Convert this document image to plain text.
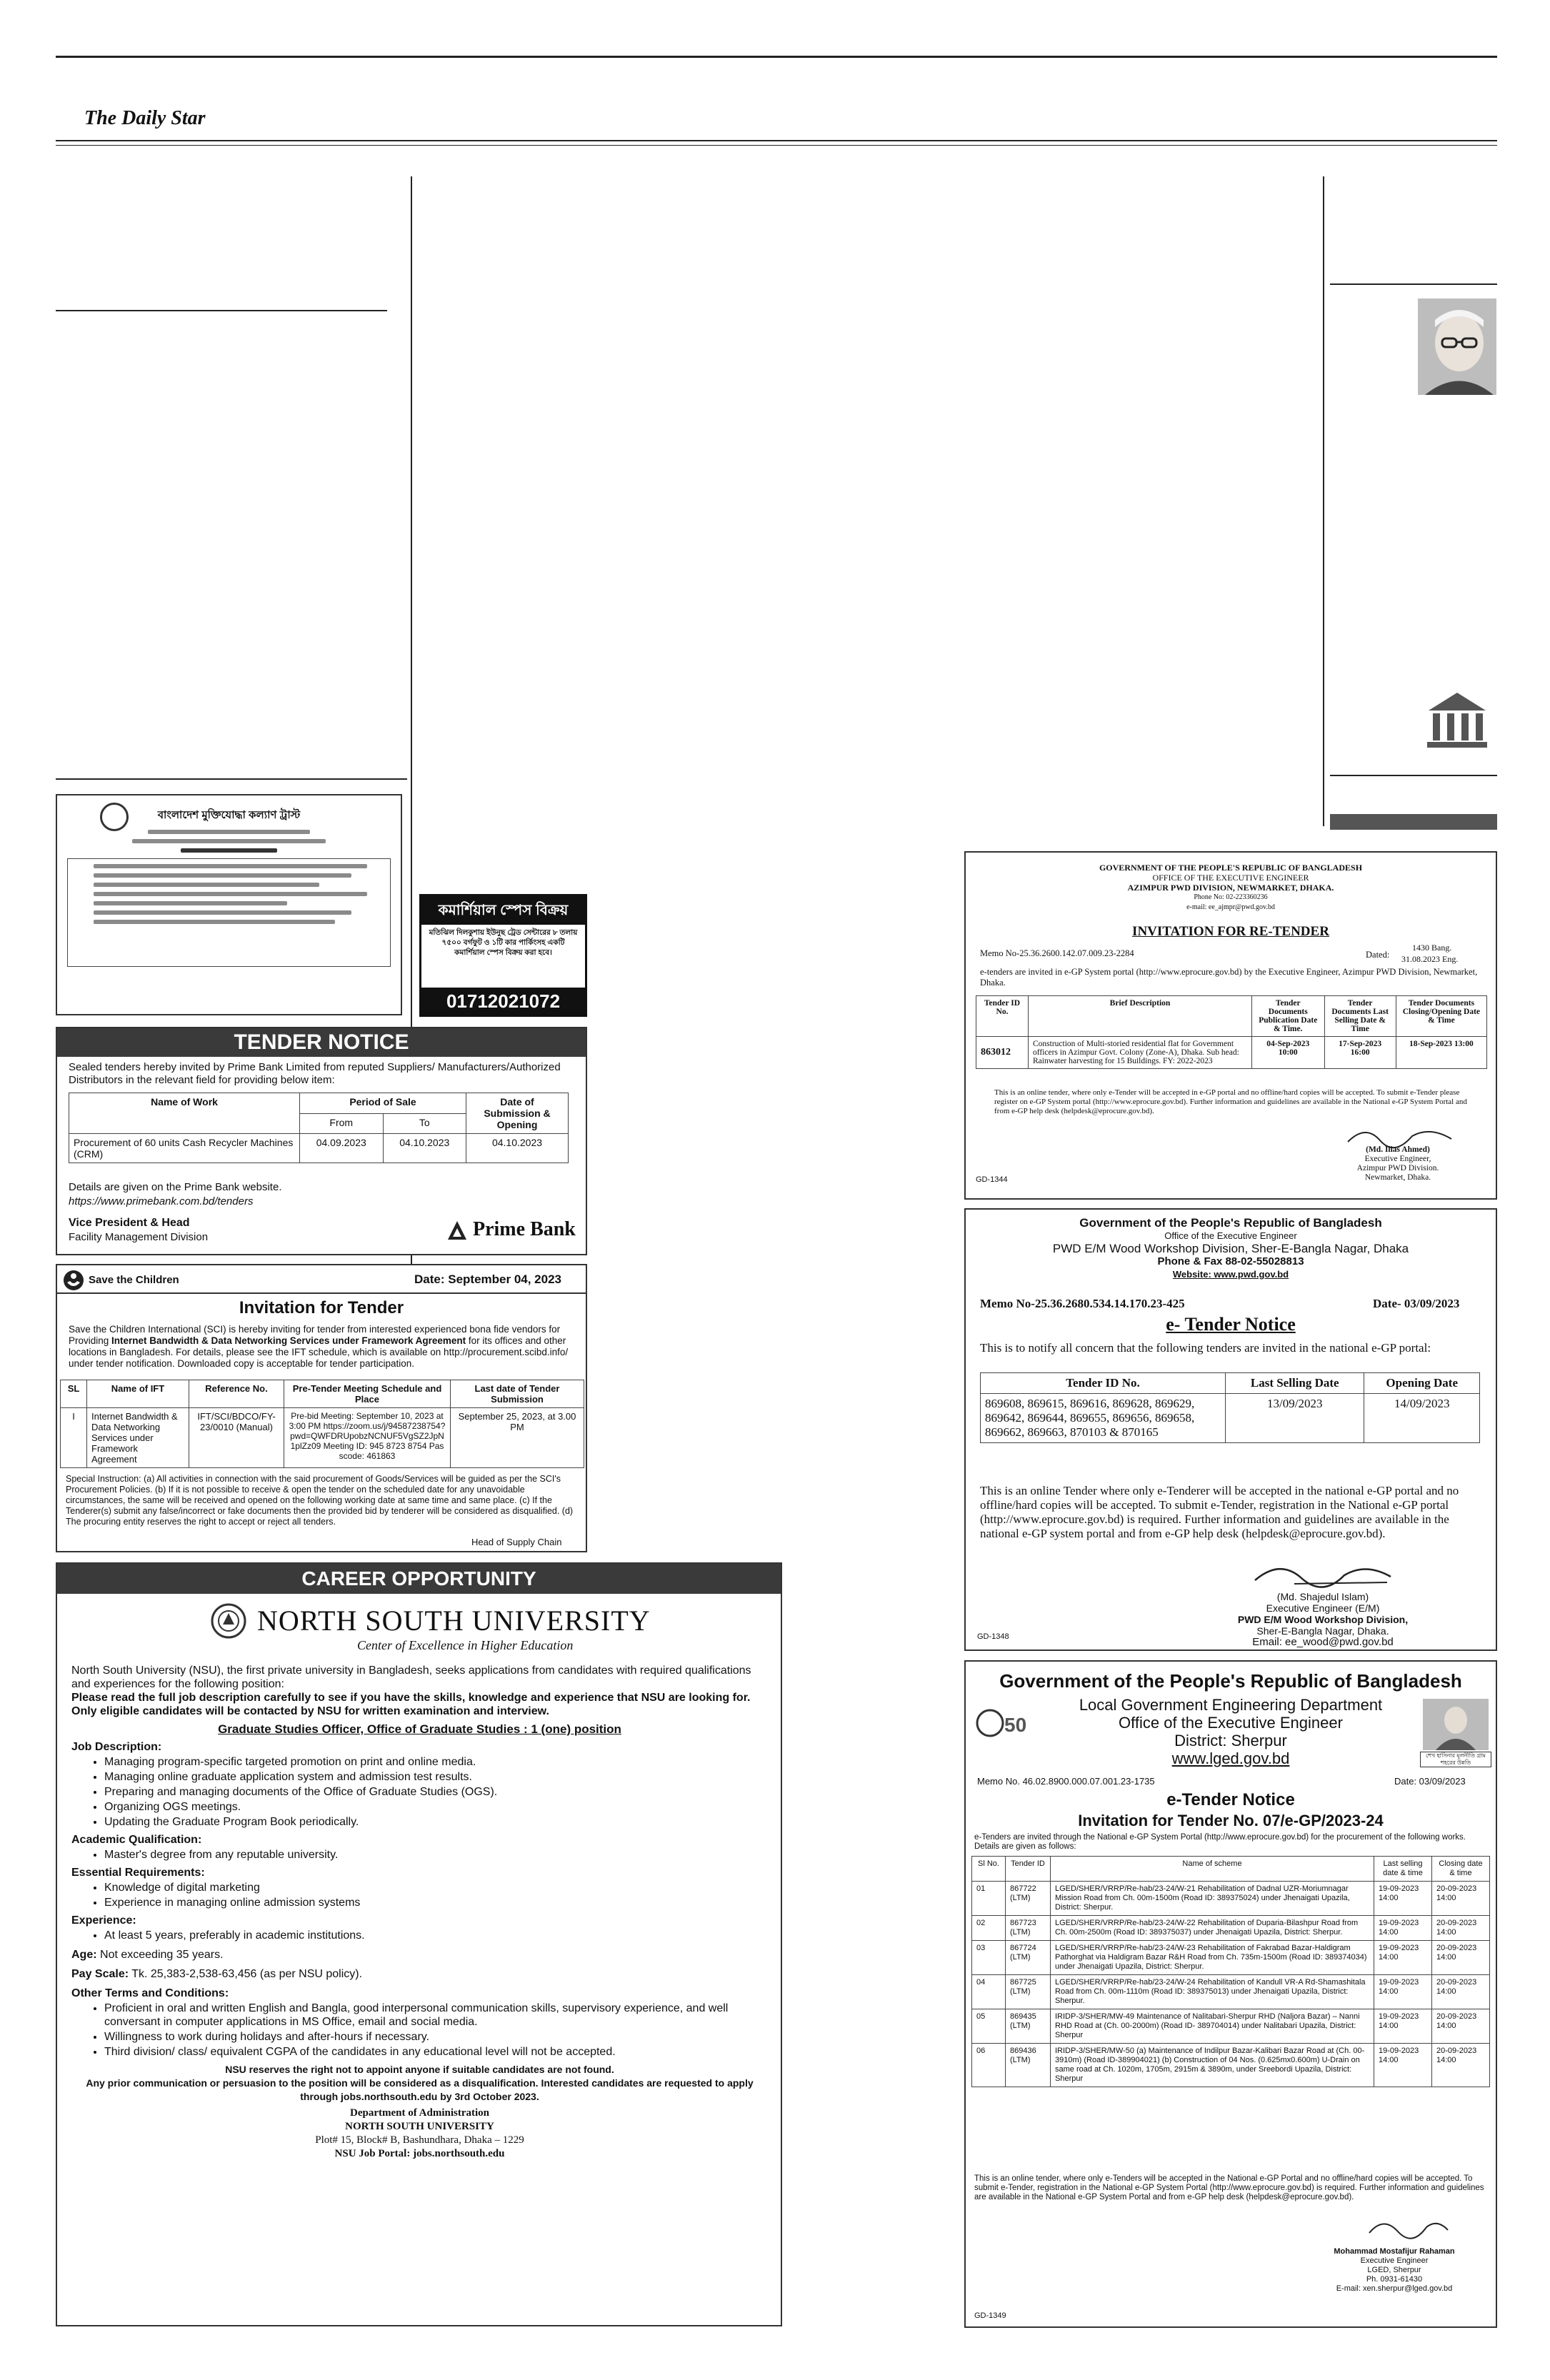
The Daily Star
বাংলাদেশ মুক্তিযোদ্ধা কল্যাণ ট্রাস্ট
কমার্শিয়াল স্পেস বিক্রয়
মতিঝিল দিলকুশায় ইউনুছ ট্রেড সেন্টারের ৮ তলায় ৭৫০০ বর্গফুট ও ১টি কার পার্কিংসহ একটি কমার্শিয়াল স্পেস বিক্রয় করা হবে।
01712021072
TENDER NOTICE
Sealed tenders hereby invited by Prime Bank Limited from reputed Suppliers/ Manufacturers/Authorized Distributors in the relevant field for providing below item:
Name of Work	Period of Sale		Date of Submission & Opening
	From	To	
Procurement of 60 units Cash Recycler Machines (CRM)	04.09.2023	04.10.2023	04.10.2023
Details are given on the Prime Bank website.
https://www.primebank.com.bd/tenders
Vice President & Head
Facility Management Division	Prime Bank
Save the Children	Date: September 04, 2023
Invitation for Tender
Save the Children International (SCI) is hereby inviting for tender from interested experienced bona fide vendors for Providing Internet Bandwidth & Data Networking Services under Framework Agreement for its offices and other locations in Bangladesh. For details, please see the IFT schedule, which is available on http://procurement.scibd.info/ under tender notification. Downloaded copy is acceptable for tender participation.
SL	Name of IFT	Reference No.	Pre-Tender Meeting Schedule and Place	Last date of Tender Submission
I	Internet Bandwidth & Data Networking Services under Framework Agreement	IFT/SCI/BDCO/FY-23/0010 (Manual)	Pre-bid Meeting: September 10, 2023 at 3:00 PM https://zoom.us/j/94587238754?pwd=QWFDRUpobzNCNUF5VgSZ2JpN1plZz09 Meeting ID: 945 8723 8754 Passcode: 461863	September 25, 2023, at 3.00 PM
Special Instruction: (a) All activities in connection with the said procurement of Goods/Services will be guided as per the SCI's Procurement Policies. (b) If it is not possible to receive & open the tender on the scheduled date for any unavoidable circumstances, the same will be received and opened on the following working date at same time and same place. (c) If the Tenderer(s) submit any false/incorrect or fake documents then the provided bid by tenderer will be considered as disqualified. (d) The procuring entity reserves the right to accept or reject all tenders.
Head of Supply Chain
CAREER OPPORTUNITY
NORTH SOUTH UNIVERSITY
Center of Excellence in Higher Education
North South University (NSU), the first private university in Bangladesh, seeks applications from candidates with required qualifications and experiences for the following position:
Please read the full job description carefully to see if you have the skills, knowledge and experience that NSU are looking for. Only eligible candidates will be contacted by NSU for written examination and interview.
Graduate Studies Officer, Office of Graduate Studies : 1 (one) position
Job Description:
• Managing program-specific targeted promotion on print and online media.
• Managing online graduate application system and admission test results.
• Preparing and managing documents of the Office of Graduate Studies (OGS).
• Organizing OGS meetings.
• Updating the Graduate Program Book periodically.
Academic Qualification:
• Master's degree from any reputable university.
Essential Requirements:
• Knowledge of digital marketing
• Experience in managing online admission systems
Experience:
• At least 5 years, preferably in academic institutions.
Age: Not exceeding 35 years.
Pay Scale: Tk. 25,383-2,538-63,456 (as per NSU policy).
Other Terms and Conditions:
• Proficient in oral and written English and Bangla, good interpersonal communication skills, supervisory experience, and well conversant in computer applications in MS Office, email and social media.
• Willingness to work during holidays and after-hours if necessary.
• Third division/ class/ equivalent CGPA of the candidates in any educational level will not be accepted.
NSU reserves the right not to appoint anyone if suitable candidates are not found.
Any prior communication or persuasion to the position will be considered as a disqualification. Interested candidates are requested to apply through jobs.northsouth.edu by 3rd October 2023.
Department of Administration
NORTH SOUTH UNIVERSITY
Plot# 15, Block# B, Bashundhara, Dhaka – 1229
NSU Job Portal: jobs.northsouth.edu
GOVERNMENT OF THE PEOPLE'S REPUBLIC OF BANGLADESH
OFFICE OF THE EXECUTIVE ENGINEER
AZIMPUR PWD DIVISION, NEWMARKET, DHAKA.
Phone No: 02-223360236
e-mail: ee_ajmpr@pwd.gov.bd
INVITATION FOR RE-TENDER
Memo No-25.36.2600.142.07.009.23-2284
1430 Bang.
Dated: 31.08.2023 Eng.
e-tenders are invited in e-GP System portal (http://www.eprocure.gov.bd) by the Executive Engineer, Azimpur PWD Division, Newmarket, Dhaka.
Tender ID No.	Brief Description	Tender Documents Publication Date & Time.	Tender Documents Last Selling Date & Time	Tender Documents Closing/Opening Date & Time
863012	Construction of Multi-storied residential flat for Government officers in Azimpur Govt. Colony (Zone-A), Dhaka. Sub head: Rainwater harvesting for 15 Buildings. FY: 2022-2023	04-Sep-2023 10:00	17-Sep-2023 16:00	18-Sep-2023 13:00
This is an online tender, where only e-Tender will be accepted in e-GP portal and no offline/hard copies will be accepted. To submit e-Tender please register on e-GP System portal (http://www.eprocure.gov.bd). Further information and guidelines are available in the National e-GP System Portal and from e-GP help desk (helpdesk@eprocure.gov.bd).
(Md. Ilias Ahmed)
Executive Engineer,
Azimpur PWD Division.
Newmarket, Dhaka.
GD-1344
Government of the People's Republic of Bangladesh
Office of the Executive Engineer
PWD E/M Wood Workshop Division, Sher-E-Bangla Nagar, Dhaka
Phone & Fax 88-02-55028813
Website: www.pwd.gov.bd
Memo No-25.36.2680.534.14.170.23-425	Date- 03/09/2023
e- Tender Notice
This is to notify all concern that the following tenders are invited in the national e-GP portal:
Tender ID No.	Last Selling Date	Opening Date
869608, 869615, 869616, 869628, 869629, 869642, 869644, 869655, 869656, 869658, 869662, 869663, 870103 & 870165	13/09/2023	14/09/2023
This is an online Tender where only e-Tenderer will be accepted in the national e-GP portal and no offline/hard copies will be accepted. To submit e-Tender, registration in the National e-GP portal (http://www.eprocure.gov.bd) is required. Further information and guidelines are available in the national e-GP system portal and from e-GP help desk (helpdesk@eprocure.gov.bd).
(Md. Shajedul Islam)
Executive Engineer (E/M)
PWD E/M Wood Workshop Division,
Sher-E-Bangla Nagar, Dhaka.
Email: ee_wood@pwd.gov.bd
GD-1348
Government of the People's Republic of Bangladesh
50
Local Government Engineering Department
Office of the Executive Engineer
District: Sherpur
www.lged.gov.bd	শেখ হাসিনার মূলনীতি গ্রাম শহরের উন্নতি
Memo No. 46.02.8900.000.07.001.23-1735	Date: 03/09/2023
e-Tender Notice
Invitation for Tender No. 07/e-GP/2023-24
e-Tenders are invited through the National e-GP System Portal (http://www.eprocure.gov.bd) for the procurement of the following works. Details are given as follows:
Sl No.	Tender ID	Name of scheme	Last selling date & time	Closing date & time
01	867722 (LTM)	LGED/SHER/VRRP/Re-hab/23-24/W-21 Rehabilitation of Dadnal UZR-Moriumnagar Mission Road from Ch. 00m-1500m (Road ID: 389375024) under Jhenaigati Upazila, District: Sherpur.	19-09-2023 14:00	20-09-2023 14:00
02	867723 (LTM)	LGED/SHER/VRRP/Re-hab/23-24/W-22 Rehabilitation of Duparia-Bilashpur Road from Ch. 00m-2500m (Road ID: 389375037) under Jhenaigati Upazila, District: Sherpur.	19-09-2023 14:00	20-09-2023 14:00
03	867724 (LTM)	LGED/SHER/VRRP/Re-hab/23-24/W-23 Rehabilitation of Fakrabad Bazar-Haldigram Pathorghat via Haldigram Bazar R&H Road from Ch. 735m-1500m (Road ID: 389374034) under Jhenaigati Upazila, District: Sherpur.	19-09-2023 14:00	20-09-2023 14:00
04	867725 (LTM)	LGED/SHER/VRRP/Re-hab/23-24/W-24 Rehabilitation of Kandull VR-A Rd-Shamashitala Road from Ch. 00m-1110m (Road ID: 389375013) under Jhenaigati Upazila, District: Sherpur.	19-09-2023 14:00	20-09-2023 14:00
05	869435 (LTM)	IRIDP-3/SHER/MW-49 Maintenance of Nalitabari-Sherpur RHD (Naljora Bazar) – Nanni RHD Road at (Ch. 00-2000m) (Road ID- 389704014) under Nalitabari Upazila, District: Sherpur	19-09-2023 14:00	20-09-2023 14:00
06	869436 (LTM)	IRIDP-3/SHER/MW-50 (a) Maintenance of Indilpur Bazar-Kalibari Bazar Road at (Ch. 00-3910m) (Road ID-389904021) (b) Construction of 04 Nos. (0.625mx0.600m) U-Drain on same road at Ch. 1020m, 1705m, 2915m & 3890m, under Sreebordi Upazila, District: Sherpur	19-09-2023 14:00	20-09-2023 14:00
This is an online tender, where only e-Tenders will be accepted in the National e-GP Portal and no offline/hard copies will be accepted. To submit e-Tender, registration in the National e-GP System Portal (http://www.eprocure.gov.bd) is required. Further information and guidelines are available in the National e-GP System Portal and from e-GP help desk (helpdesk@eprocure.gov.bd).
Mohammad Mostafijur Rahaman
Executive Engineer
LGED, Sherpur
Ph. 0931-61430
E-mail: xen.sherpur@lged.gov.bd
GD-1349
